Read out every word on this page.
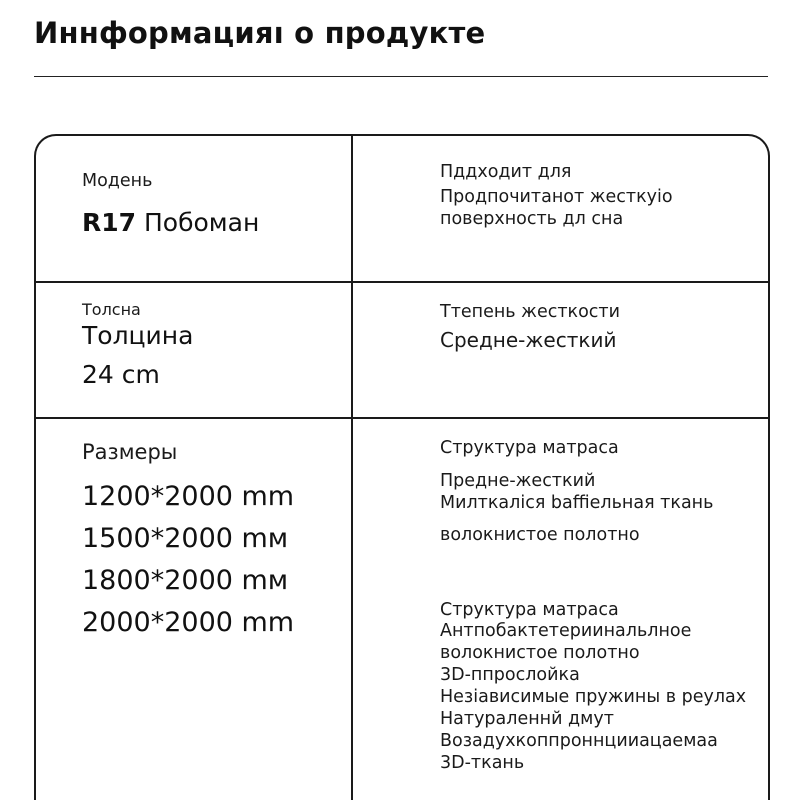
Иннформацияı о продукте
Модень
R17 Побоман
Пддходит для
Продпочитанот жесткуіо
поверхность дл сна
Толсна
Толцина
24 cm
Ттепень жесткости
Средне-жесткий
Размеры
1200*2000 mm
1500*2000 mм
1800*2000 mм
2000*2000 mm
Структура матраса
Предне-жесткий
Милткаліся baffiельная ткань
волокнистое полотно
Структура матраса
Антпобактетериинальлное
волокнистое полотно
3D-ппрослойка
Незiависимые пружины в реулах
Натураленнй дмут
Возадухкоппроннцииацаемаа
3D-ткань
